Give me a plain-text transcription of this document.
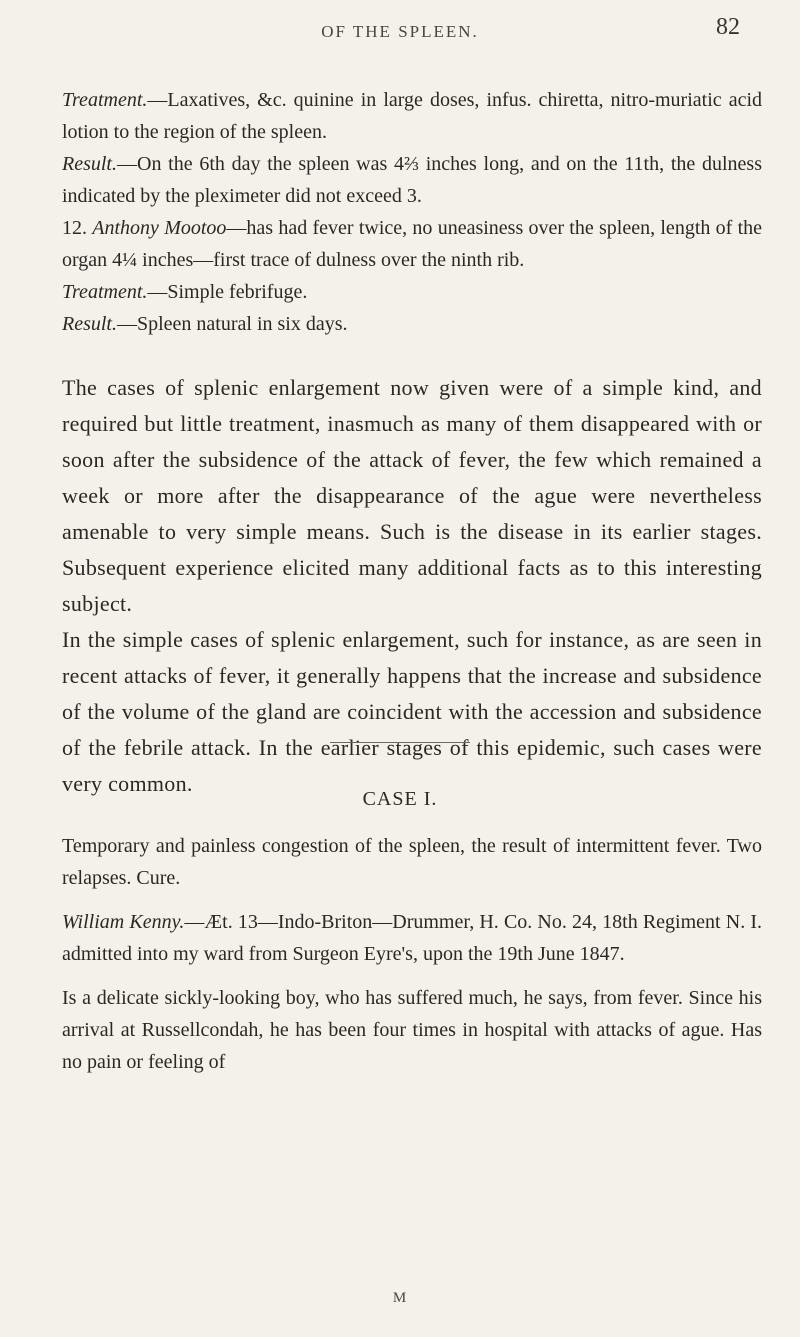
OF THE SPLEEN.	82

Treatment.—Laxatives, &c. quinine in large doses, infus. chiretta, nitro-muriatic acid lotion to the region of the spleen.

Result.—On the 6th day the spleen was 4⅔ inches long, and on the 11th, the dulness indicated by the pleximeter did not exceed 3.

12. Anthony Mootoo—has had fever twice, no uneasiness over the spleen, length of the organ 4¼ inches—first trace of dulness over the ninth rib.

Treatment.—Simple febrifuge.

Result.—Spleen natural in six days.

The cases of splenic enlargement now given were of a simple kind, and required but little treatment, inasmuch as many of them disappeared with or soon after the subsidence of the attack of fever, the few which remained a week or more after the disappearance of the ague were nevertheless amenable to very simple means. Such is the disease in its earlier stages. Subsequent experience elicited many additional facts as to this interesting subject.

In the simple cases of splenic enlargement, such for instance, as are seen in recent attacks of fever, it generally happens that the increase and subsidence of the volume of the gland are coincident with the accession and subsidence of the febrile attack. In the earlier stages of this epidemic, such cases were very common.

CASE I.

Temporary and painless congestion of the spleen, the result of intermittent fever. Two relapses. Cure.

William Kenny.—Æt. 13—Indo-Briton—Drummer, H. Co. No. 24, 18th Regiment N. I. admitted into my ward from Surgeon Eyre's, upon the 19th June 1847.

Is a delicate sickly-looking boy, who has suffered much, he says, from fever. Since his arrival at Russellcondah, he has been four times in hospital with attacks of ague. Has no pain or feeling of

M
